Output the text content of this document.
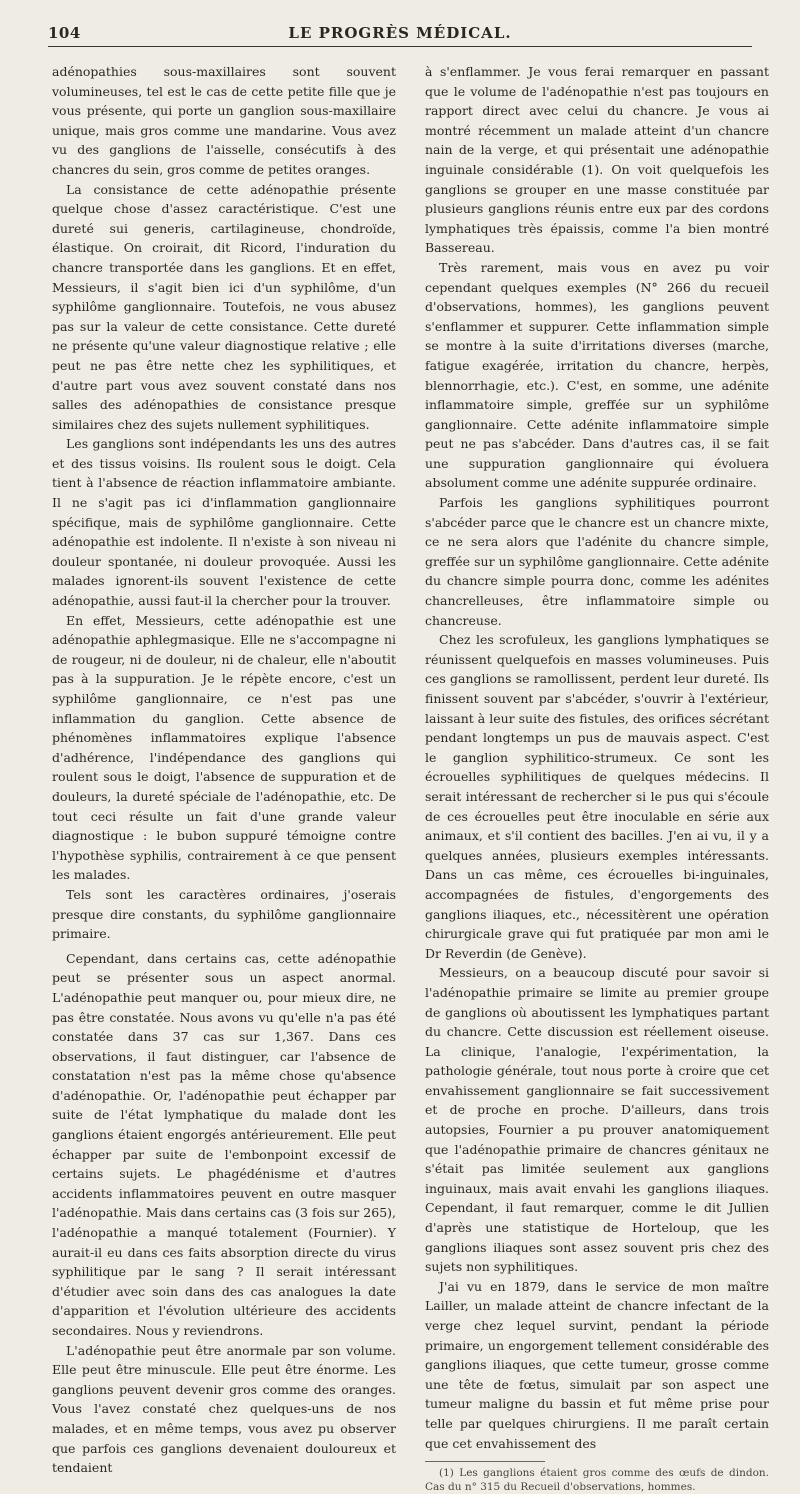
104	LE PROGRÈS MÉDICAL.

adénopathies sous-maxillaires sont souvent volumineuses, tel est le cas de cette petite fille que je vous présente, qui porte un ganglion sous-maxillaire unique, mais gros comme une mandarine. Vous avez vu des ganglions de l'aisselle, consécutifs à des chancres du sein, gros comme de petites oranges.

La consistance de cette adénopathie présente quelque chose d'assez caractéristique. C'est une dureté sui generis, cartilagineuse, chondroïde, élastique. On croirait, dit Ricord, l'induration du chancre transportée dans les ganglions. Et en effet, Messieurs, il s'agit bien ici d'un syphilôme, d'un syphilôme ganglionnaire. Toutefois, ne vous abusez pas sur la valeur de cette consistance. Cette dureté ne présente qu'une valeur diagnostique relative ; elle peut ne pas être nette chez les syphilitiques, et d'autre part vous avez souvent constaté dans nos salles des adénopathies de consistance presque similaires chez des sujets nullement syphilitiques.

Les ganglions sont indépendants les uns des autres et des tissus voisins. Ils roulent sous le doigt. Cela tient à l'absence de réaction inflammatoire ambiante. Il ne s'agit pas ici d'inflammation ganglionnaire spécifique, mais de syphilôme ganglionnaire. Cette adénopathie est indolente. Il n'existe à son niveau ni douleur spontanée, ni douleur provoquée. Aussi les malades ignorent-ils souvent l'existence de cette adénopathie, aussi faut-il la chercher pour la trouver.

En effet, Messieurs, cette adénopathie est une adénopathie aphlegmasique. Elle ne s'accompagne ni de rougeur, ni de douleur, ni de chaleur, elle n'aboutit pas à la suppuration. Je le répète encore, c'est un syphilôme ganglionnaire, ce n'est pas une inflammation du ganglion. Cette absence de phénomènes inflammatoires explique l'absence d'adhérence, l'indépendance des ganglions qui roulent sous le doigt, l'absence de suppuration et de douleurs, la dureté spéciale de l'adénopathie, etc. De tout ceci résulte un fait d'une grande valeur diagnostique : le bubon suppuré témoigne contre l'hypothèse syphilis, contrairement à ce que pensent les malades.

Tels sont les caractères ordinaires, j'oserais presque dire constants, du syphilôme ganglionnaire primaire.

Cependant, dans certains cas, cette adénopathie peut se présenter sous un aspect anormal. L'adénopathie peut manquer ou, pour mieux dire, ne pas être constatée. Nous avons vu qu'elle n'a pas été constatée dans 37 cas sur 1,367. Dans ces observations, il faut distinguer, car l'absence de constatation n'est pas la même chose qu'absence d'adénopathie. Or, l'adénopathie peut échapper par suite de l'état lymphatique du malade dont les ganglions étaient engorgés antérieurement. Elle peut échapper par suite de l'embonpoint excessif de certains sujets. Le phagédénisme et d'autres accidents inflammatoires peuvent en outre masquer l'adénopathie. Mais dans certains cas (3 fois sur 265), l'adénopathie a manqué totalement (Fournier). Y aurait-il eu dans ces faits absorption directe du virus syphilitique par le sang ? Il serait intéressant d'étudier avec soin dans des cas analogues la date d'apparition et l'évolution ultérieure des accidents secondaires. Nous y reviendrons.

L'adénopathie peut être anormale par son volume. Elle peut être minuscule. Elle peut être énorme. Les ganglions peuvent devenir gros comme des oranges. Vous l'avez constaté chez quelques-uns de nos malades, et en même temps, vous avez pu observer que parfois ces ganglions devenaient douloureux et tendaient

à s'enflammer. Je vous ferai remarquer en passant que le volume de l'adénopathie n'est pas toujours en rapport direct avec celui du chancre. Je vous ai montré récemment un malade atteint d'un chancre nain de la verge, et qui présentait une adénopathie inguinale considérable (1). On voit quelquefois les ganglions se grouper en une masse constituée par plusieurs ganglions réunis entre eux par des cordons lymphatiques très épaissis, comme l'a bien montré Bassereau.

Très rarement, mais vous en avez pu voir cependant quelques exemples (N° 266 du recueil d'observations, hommes), les ganglions peuvent s'enflammer et suppurer. Cette inflammation simple se montre à la suite d'irritations diverses (marche, fatigue exagérée, irritation du chancre, herpès, blennorrhagie, etc.). C'est, en somme, une adénite inflammatoire simple, greffée sur un syphilôme ganglionnaire. Cette adénite inflammatoire simple peut ne pas s'abcéder. Dans d'autres cas, il se fait une suppuration ganglionnaire qui évoluera absolument comme une adénite suppurée ordinaire.

Parfois les ganglions syphilitiques pourront s'abcéder parce que le chancre est un chancre mixte, ce ne sera alors que l'adénite du chancre simple, greffée sur un syphilôme ganglionnaire. Cette adénite du chancre simple pourra donc, comme les adénites chancrelleuses, être inflammatoire simple ou chancreuse.

Chez les scrofuleux, les ganglions lymphatiques se réunissent quelquefois en masses volumineuses. Puis ces ganglions se ramollissent, perdent leur dureté. Ils finissent souvent par s'abcéder, s'ouvrir à l'extérieur, laissant à leur suite des fistules, des orifices sécrétant pendant longtemps un pus de mauvais aspect. C'est le ganglion syphilitico-strumeux. Ce sont les écrouelles syphilitiques de quelques médecins. Il serait intéressant de rechercher si le pus qui s'écoule de ces écrouelles peut être inoculable en série aux animaux, et s'il contient des bacilles. J'en ai vu, il y a quelques années, plusieurs exemples intéressants. Dans un cas même, ces écrouelles bi-inguinales, accompagnées de fistules, d'engorgements des ganglions iliaques, etc., nécessitèrent une opération chirurgicale grave qui fut pratiquée par mon ami le Dr Reverdin (de Genève).

Messieurs, on a beaucoup discuté pour savoir si l'adénopathie primaire se limite au premier groupe de ganglions où aboutissent les lymphatiques partant du chancre. Cette discussion est réellement oiseuse. La clinique, l'analogie, l'expérimentation, la pathologie générale, tout nous porte à croire que cet envahissement ganglionnaire se fait successivement et de proche en proche. D'ailleurs, dans trois autopsies, Fournier a pu prouver anatomiquement que l'adénopathie primaire de chancres génitaux ne s'était pas limitée seulement aux ganglions inguinaux, mais avait envahi les ganglions iliaques. Cependant, il faut remarquer, comme le dit Jullien d'après une statistique de Horteloup, que les ganglions iliaques sont assez souvent pris chez des sujets non syphilitiques.

J'ai vu en 1879, dans le service de mon maître Lailler, un malade atteint de chancre infectant de la verge chez lequel survint, pendant la période primaire, un engorgement tellement considérable des ganglions iliaques, que cette tumeur, grosse comme une tête de fœtus, simulait par son aspect une tumeur maligne du bassin et fut même prise pour telle par quelques chirurgiens. Il me paraît certain que cet envahissement des

(1) Les ganglions étaient gros comme des œufs de dindon. Cas du n° 315 du Recueil d'observations, hommes.
